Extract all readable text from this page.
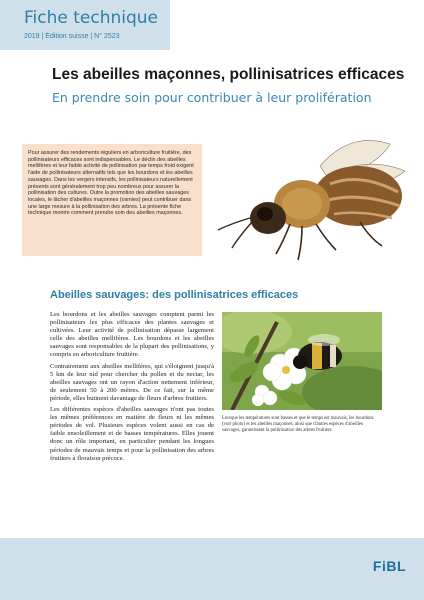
Fiche technique
2019 | Édition suisse | N° 2523
Les abeilles maçonnes, pollinisatrices efficaces
En prendre soin pour contribuer à leur prolifération
Pour assurer des rendements réguliers en arboriculture fruitière, des pollinisateurs efficaces sont indispensables. Le déclin des abeilles mellifères et leur faible activité de pollinisation par temps froid exigent l'aide de pollinisateurs alternatifs tels que les bourdons et les abeilles sauvages. Dans les vergers intensifs, les pollinisateurs naturellement présents sont généralement trop peu nombreux pour assurer la pollinisation des cultures. Outre la promotion des abeilles sauvages locales, le lâcher d'abeilles maçonnes (osmies) peut contribuer dans une large mesure à la pollinisation des arbres. La présente fiche technique montre comment prendre soin des abeilles maçonnes.
Abeilles sauvages: des pollinisatrices efficaces

Les bourdons et les abeilles sauvages comptent parmi les pollinisateurs les plus efficaces des plantes sauvages et cultivées. Leur activité de pollinisation dépasse largement celle des abeilles mellifères. Les bourdons et les abeilles sauvages sont responsables de la plupart des pollinisations, y compris en arboriculture fruitière.

Contrairement aux abeilles mellifères, qui s'éloignent jusqu'à 5 km de leur nid pour chercher du pollen et du nectar, les abeilles sauvages ont un rayon d'action nettement inférieur, de seulement 50 à 200 mètres. De ce fait, sur la même période, elles butinent davantage de fleurs d'arbres fruitiers.

Les différentes espèces d'abeilles sauvages n'ont pas toutes les mêmes préférences en matière de fleurs ni les mêmes périodes de vol. Plusieurs espèces volent aussi en cas de faible ensoleillement et de basses températures. Elles jouent donc un rôle important, en particulier pendant les longues périodes de mauvais temps et pour la pollinisation des arbres fruitiers à floraison précoce.

Lorsque les températures sont basses et que le temps est mauvais, les bourdons (voir photo) et les abeilles maçonnes, ainsi que d'autres espèces d'abeilles sauvages, garantissent la pollinisation des arbres fruitiers.
FiBL
